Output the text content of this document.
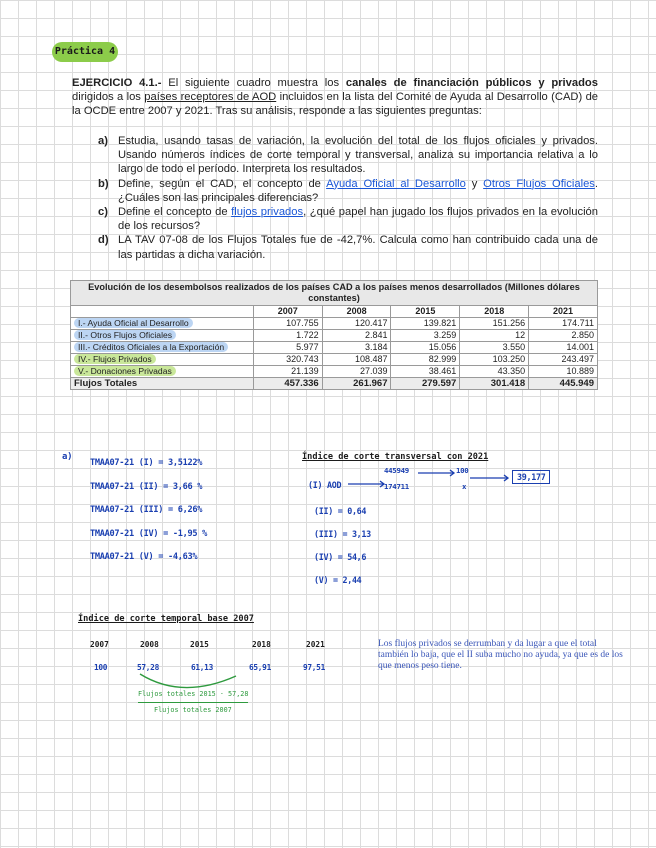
Práctica 4
EJERCICIO 4.1.- El siguiente cuadro muestra los canales de financiación públicos y privados dirigidos a los países receptores de AOD incluidos en la lista del Comité de Ayuda al Desarrollo (CAD) de la OCDE entre 2007 y 2021. Tras su análisis, responde a las siguientes preguntas:
a) Estudia, usando tasas de variación, la evolución del total de los flujos oficiales y privados. Usando números índices de corte temporal y transversal, analiza su importancia relativa a lo largo de todo el período. Interpreta los resultados.
b) Define, según el CAD, el concepto de Ayuda Oficial al Desarrollo y Otros Flujos Oficiales. ¿Cuáles son las principales diferencias?
c) Define el concepto de flujos privados, ¿qué papel han jugado los flujos privados en la evolución de los recursos?
d) LA TAV 07-08 de los Flujos Totales fue de -42,7%. Calcula como han contribuido cada una de las partidas a dicha variación.
Evolución de los desembolsos realizados de los países CAD a los países menos desarrollados (Millones dólares constantes)					
	2007	2008	2015	2018	2021
I.- Ayuda Oficial al Desarrollo	107.755	120.417	139.821	151.256	174.711
II.- Otros Flujos Oficiales	1.722	2.841	3.259	12	2.850
III.- Créditos Oficiales a la Exportación	5.977	3.184	15.056	3.550	14.001
IV.- Flujos Privados	320.743	108.487	82.999	103.250	243.497
V.- Donaciones Privadas	21.139	27.039	38.461	43.350	10.889
Flujos Totales	457.336	261.967	279.597	301.418	445.949
a)
TMAA07-21 (I) = 3,5122%
TMAA07-21 (II) = 3,66 %
TMAA07-21 (III) = 6,26%
TMAA07-21 (IV) = -1,95 %
TMAA07-21 (V) = -4,63%
Índice de corte transversal con 2021
(I) AOD
445949
174711
100
x
39,177
(II) = 0,64
(III) = 3,13
(IV) = 54,6
(V) = 2,44
Índice de corte temporal base 2007
2007	2008	2015	2018	2021
100	57,28	61,13	65,91	97,51
Flujos totales 2015 · 57,28
Flujos totales 2007
Los flujos privados se derrumban y da lugar a que el total también lo baja, que el II suba mucho no ayuda, ya que es de los que menos peso tiene.
